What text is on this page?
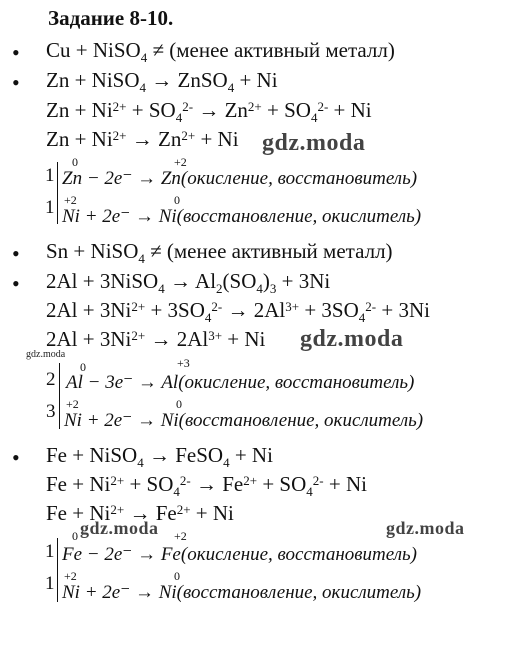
Задание 8-10.
• Cu + NiSO$_4$ ≠ (менее активный металл)
• Zn + NiSO$_4$ → ZnSO$_4$ + Ni
$Zn + Ni^{2+} + SO_4^{2-} \to Zn^{2+} + SO_4^{2-} + Ni$
$Zn + Ni^{2+} \to Zn^{2+} + Ni$
1
0	+2
Zn − 2e⁻ → Zn(окисление, восстановитель)
1 +2	0
Ni + 2e⁻ → Ni(восстановление, окислитель)
• Sn + NiSO$_4$ ≠ (менее активный металл)
• 2Al + 3NiSO$_4$ → $Al_2(SO_4)_3 + 3Ni$
$2Al + 3Ni^{2+} + 3SO_4^{2-} \to 2Al^{3+} + 3SO_4^{2-} + 3Ni$
$2Al + 3Ni^{2+} \to 2Al^{3+} + Ni$
2
0	+3
Al − 3e⁻ → Al(окисление, восстановитель)
3 +2	0
Ni + 2e⁻ → Ni(восстановление, окислитель)
• Fe + NiSO$_4$ → FeSO$_4$ + Ni
$Fe + Ni^{2+} + SO_4^{2-} \to Fe^{2+} + SO_4^{2-} + Ni$
$Fe + Ni^{2+} \to Fe^{2+} + Ni$
1
0	+2
Fe − 2e⁻ → Fe(окисление, восстановитель)
1 +2	0
Ni + 2e⁻ → Ni(восстановление, окислитель)
gdz.moda
gdz.moda
gdz.moda
gdz.moda	gdz.moda
